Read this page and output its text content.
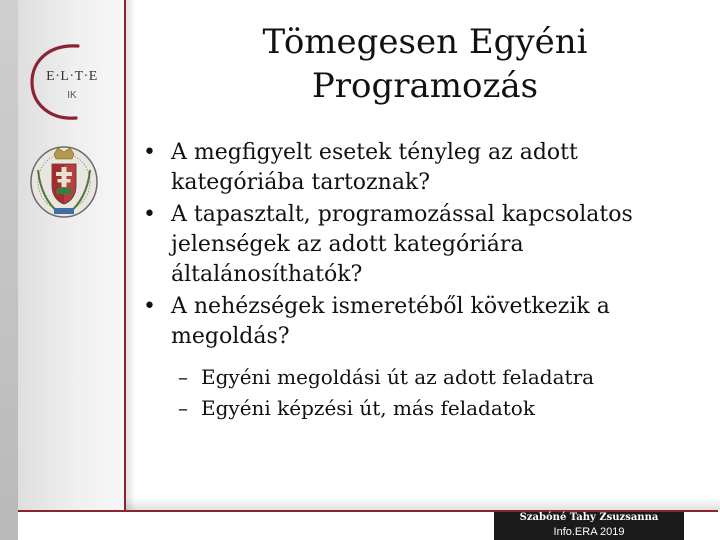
E·L·T·E
IK
Tömegesen Egyéni
Programozás
• A megfigyelt esetek tényleg az adott kategóriába tartoznak?
• A tapasztalt, programozással kapcsolatos jelenségek az adott kategóriára általánosíthatók?
• A nehézségek ismeretéből következik a megoldás?
– Egyéni megoldási út az adott feladatra
– Egyéni képzési út, más feladatok
Szabóné Tahy Zsuzsanna
Info.ERA 2019
